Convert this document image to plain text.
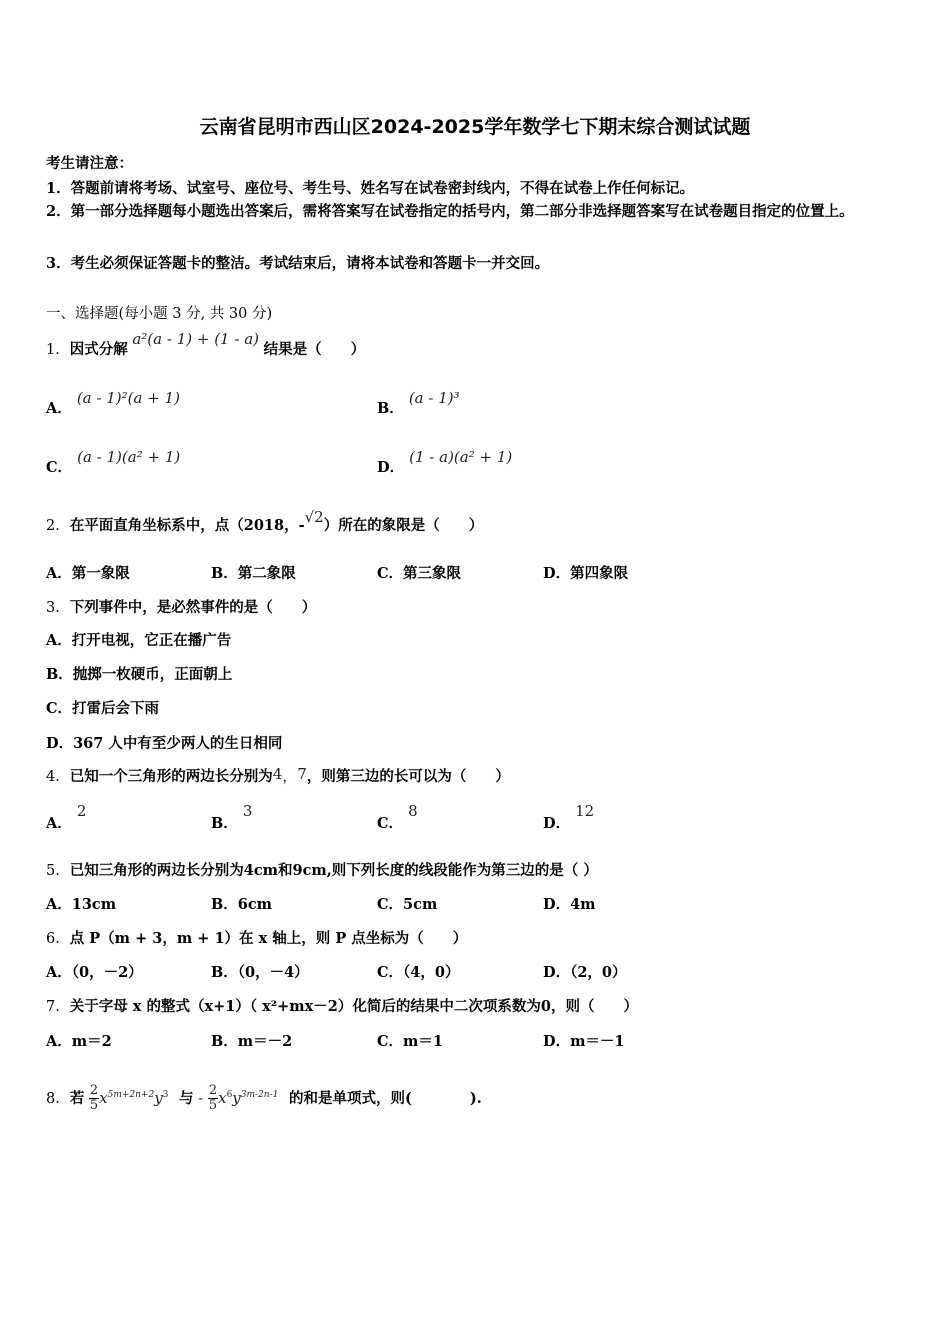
云南省昆明市西山区2024-2025学年数学七下期末综合测试试题
考生请注意：
1．答题前请将考场、试室号、座位号、考生号、姓名写在试卷密封线内，不得在试卷上作任何标记。
2．第一部分选择题每小题选出答案后，需将答案写在试卷指定的括号内，第二部分非选择题答案写在试卷题目指定的位置上。
3．考生必须保证答题卡的整洁。考试结束后，请将本试卷和答题卡一并交回。
一、选择题(每小题 3 分, 共 30 分)
1．因式分解 a²(a - 1) + (1 - a) 结果是（　　）
A． (a - 1)²(a + 1)
B． (a - 1)³
C． (a - 1)(a² + 1)
D． (1 - a)(a² + 1)
2．在平面直角坐标系中，点（2018，-√2）所在的象限是（　　）
A．第一象限	B．第二象限	C．第三象限	D．第四象限
3．下列事件中，是必然事件的是（　　）
A．打开电视，它正在播广告
B．抛掷一枚硬币，正面朝上
C．打雷后会下雨
D．367 人中有至少两人的生日相同
4．已知一个三角形的两边长分别为4，7，则第三边的长可以为（　　）
A． 2
B． 3
C． 8
D． 12
5．已知三角形的两边长分别为4cm和9cm,则下列长度的线段能作为第三边的是（ ）
A．13cm	B．6cm	C．5cm	D．4m
6．点 P（m + 3，m + 1）在 x 轴上，则 P 点坐标为（　　）
A．（0，－2）	B．（0，－4）	C．（4，0）	D．（2，0）
7．关于字母 x 的整式（x+1）（ x²+mx－2）化简后的结果中二次项系数为0，则（　　）
A．m＝2	B．m＝－2	C．m＝1	D．m＝－1
8．若 $\frac{2}{5} x^{5m+2n+2}y^3$ 与 - $\frac{2}{5} x^6y^{3m-2n-1}$ 的和是单项式，则(　　　　).
